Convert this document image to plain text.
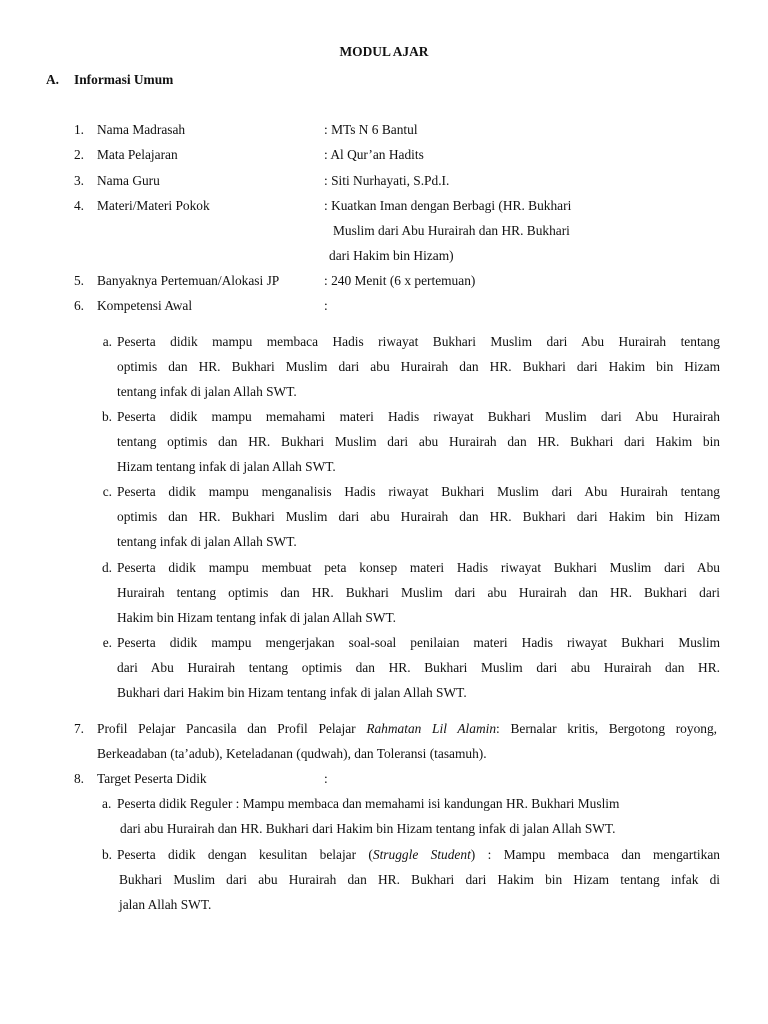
MODUL AJAR
A. Informasi Umum
1. Nama Madrasah	: MTs N 6 Bantul
2. Mata Pelajaran	: Al Qur’an Hadits
3. Nama Guru	: Siti Nurhayati, S.Pd.I.
4. Materi/Materi Pokok	: Kuatkan Iman dengan Berbagi (HR. Bukhari
Muslim dari Abu Hurairah dan HR. Bukhari
dari Hakim bin Hizam)
5. Banyaknya Pertemuan/Alokasi JP	: 240 Menit (6 x pertemuan)
6. Kompetensi Awal	:
a. Peserta didik mampu membaca Hadis riwayat Bukhari Muslim dari Abu Hurairah tentang
optimis dan HR. Bukhari Muslim dari abu Hurairah dan HR. Bukhari dari Hakim bin Hizam
tentang infak di jalan Allah SWT.
b. Peserta didik mampu memahami materi Hadis riwayat Bukhari Muslim dari Abu Hurairah
tentang optimis dan HR. Bukhari Muslim dari abu Hurairah dan HR. Bukhari dari Hakim bin
Hizam tentang infak di jalan Allah SWT.
c. Peserta didik mampu menganalisis Hadis riwayat Bukhari Muslim dari Abu Hurairah tentang
optimis dan HR. Bukhari Muslim dari abu Hurairah dan HR. Bukhari dari Hakim bin Hizam
tentang infak di jalan Allah SWT.
d. Peserta didik mampu membuat peta konsep materi Hadis riwayat Bukhari Muslim dari Abu
Hurairah tentang optimis dan HR. Bukhari Muslim dari abu Hurairah dan HR. Bukhari dari
Hakim bin Hizam tentang infak di jalan Allah SWT.
e. Peserta didik mampu mengerjakan soal-soal penilaian materi Hadis riwayat Bukhari Muslim
dari Abu Hurairah tentang optimis dan HR. Bukhari Muslim dari abu Hurairah dan HR.
Bukhari dari Hakim bin Hizam tentang infak di jalan Allah SWT.
7. Profil Pelajar Pancasila dan Profil Pelajar Rahmatan Lil Alamin: Bernalar kritis, Bergotong royong,
Berkeadaban (ta’adub), Keteladanan (qudwah), dan Toleransi (tasamuh).
8. Target Peserta Didik	:
a. Peserta didik Reguler : Mampu membaca dan memahami isi kandungan HR. Bukhari Muslim
dari abu Hurairah dan HR. Bukhari dari Hakim bin Hizam tentang infak di jalan Allah SWT.
b. Peserta didik dengan kesulitan belajar (Struggle Student) : Mampu membaca dan mengartikan
Bukhari Muslim dari abu Hurairah dan HR. Bukhari dari Hakim bin Hizam tentang infak di
jalan Allah SWT.
